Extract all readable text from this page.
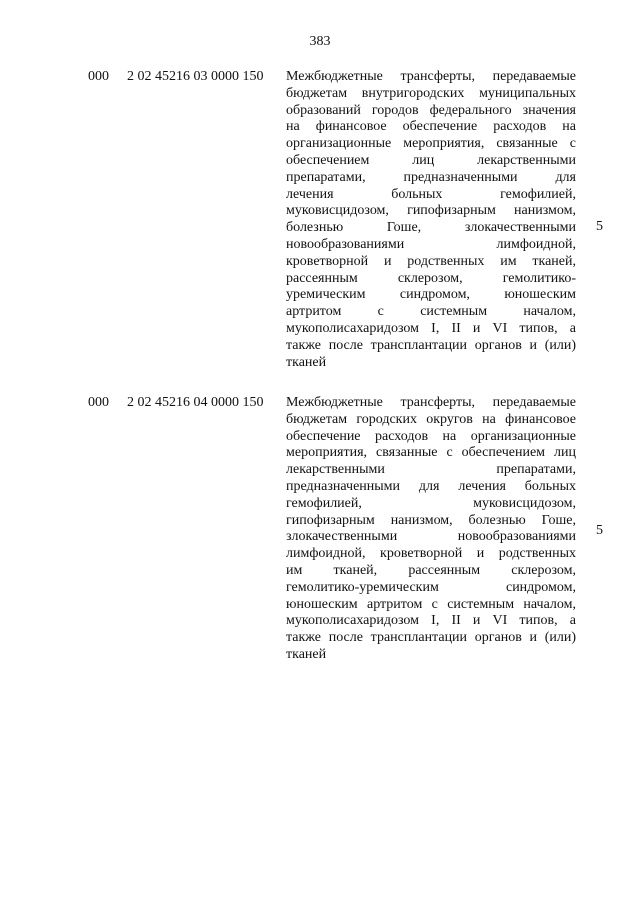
383
000 2 02 45216 03 0000 150 Межбюджетные трансферты, передаваемые
бюджетам внутригородских муниципальных
образований городов федерального значения
на финансовое обеспечение расходов на
организационные мероприятия, связанные с
обеспечением лиц лекарственными
препаратами, предназначенными для
лечения больных гемофилией,
муковисцидозом, гипофизарным нанизмом,
болезнью Гоше, злокачественными
новообразованиями лимфоидной,
кроветворной и родственных им тканей,
рассеянным склерозом, гемолитико-
уремическим синдромом, юношеским
артритом с системным началом,
мукополисахаридозом I, II и VI типов, а
также после трансплантации органов и (или)
тканей
5
000 2 02 45216 04 0000 150 Межбюджетные трансферты, передаваемые
бюджетам городских округов на финансовое
обеспечение расходов на организационные
мероприятия, связанные с обеспечением лиц
лекарственными препаратами,
предназначенными для лечения больных
гемофилией, муковисцидозом,
гипофизарным нанизмом, болезнью Гоше,
злокачественными новообразованиями
лимфоидной, кроветворной и родственных
им тканей, рассеянным склерозом,
гемолитико-уремическим синдромом,
юношеским артритом с системным началом,
мукополисахаридозом I, II и VI типов, а
также после трансплантации органов и (или)
тканей
5
